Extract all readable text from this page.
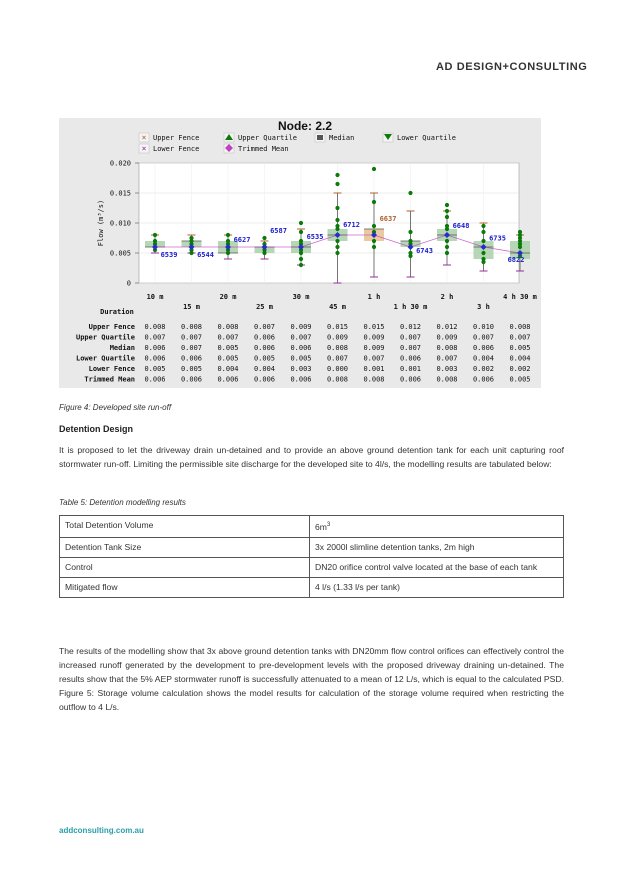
AD DESIGN+CONSULTING
Node: 2.2
× Upper Fence	Upper Quartile	Median	Lower Quartile
× Lower Fence	Trimmed Mean
0
0.005
0.010
0.015
0.020
Flow (m³/s)
6539	6544
6627
6587
6535
6712
6637
6743
6648
6735
6822
10 m
15 m
20 m
25 m
30 m
45 m
1 h
1 h 30 m
2 h
3 h
4 h 30 m
Duration
Upper Fence 0.008 0.008 0.008 0.007 0.009 0.015 0.015 0.012 0.012 0.010 0.008
Upper Quartile 0.007 0.007 0.007 0.006 0.007 0.009 0.009 0.007 0.009 0.007 0.007
Median 0.006 0.007 0.005 0.006 0.006 0.008 0.009 0.007 0.008 0.006 0.005
Lower Quartile 0.006 0.006 0.005 0.005 0.005 0.007 0.007 0.006 0.007 0.004 0.004
Lower Fence 0.005 0.005 0.004 0.004 0.003 0.000 0.001 0.001 0.003 0.002 0.002
Trimmed Mean 0.006 0.006 0.006 0.006 0.006 0.008 0.008 0.006 0.008 0.006 0.005
Figure 4: Developed site run-off
Detention Design

It is proposed to let the driveway drain un-detained and to provide an above ground detention tank for each unit capturing roof stormwater run-off. Limiting the permissible site discharge for the developed site to 4l/s, the modelling results are tabulated below:

Table 5: Detention modelling results
Total Detention Volume	$6m^3$
Detention Tank Size	3x 2000l slimline detention tanks, 2m high
Control	DN20 orifice control valve located at the base of each tank
Mitigated flow	4 l/s (1.33 l/s per tank)

The results of the modelling show that 3x above ground detention tanks with DN20mm flow control orifices can effectively control the increased runoff generated by the development to pre-development levels with the proposed driveway draining un-detained. The results show that the 5% AEP stormwater runoff is successfully attenuated to a mean of 12 L/s, which is equal to the calculated PSD. Figure 5: Storage volume calculation shows the model results for calculation of the storage volume required when restricting the outflow to 4 L/s.

addconsulting.com.au
